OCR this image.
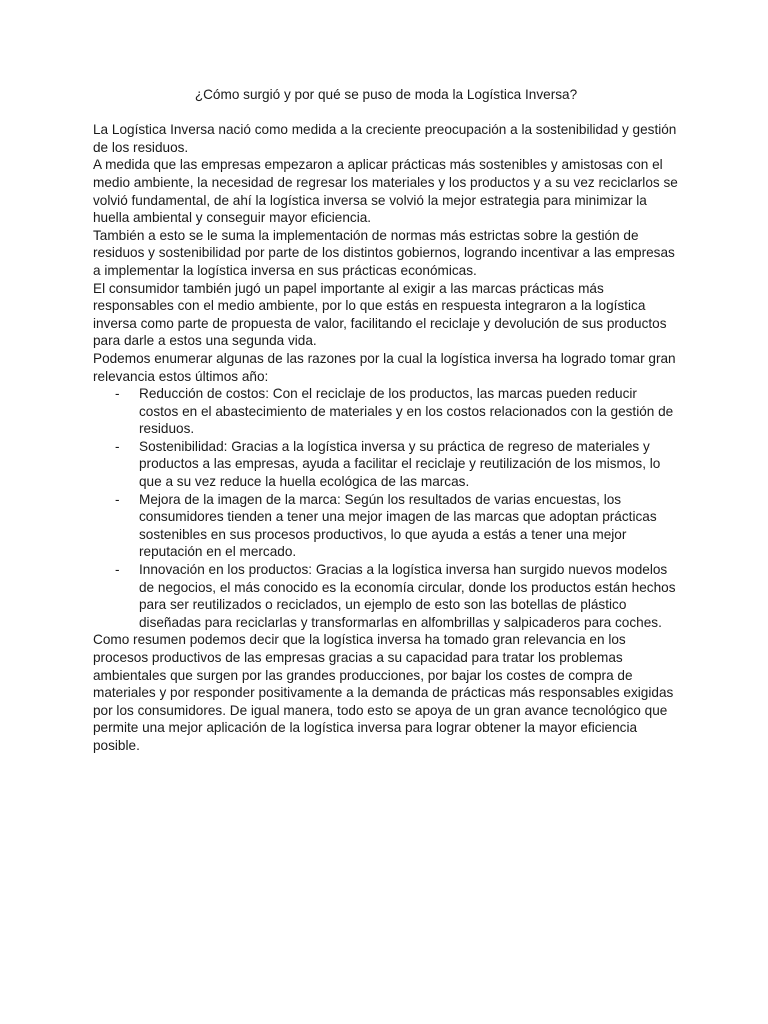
¿Cómo surgió y por qué se puso de moda la Logística Inversa?

La Logística Inversa nació como medida a la creciente preocupación a la sostenibilidad y gestión de los residuos.

A medida que las empresas empezaron a aplicar prácticas más sostenibles y amistosas con el medio ambiente, la necesidad de regresar los materiales y los productos y a su vez reciclarlos se volvió fundamental, de ahí la logística inversa se volvió la mejor estrategia para minimizar la huella ambiental y conseguir mayor eficiencia.

También a esto se le suma la implementación de normas más estrictas sobre la gestión de residuos y sostenibilidad por parte de los distintos gobiernos, logrando incentivar a las empresas a implementar la logística inversa en sus prácticas económicas.

El consumidor también jugó un papel importante al exigir a las marcas prácticas más responsables con el medio ambiente, por lo que estás en respuesta integraron a la logística inversa como parte de propuesta de valor, facilitando el reciclaje y devolución de sus productos para darle a estos una segunda vida.

Podemos enumerar algunas de las razones por la cual la logística inversa ha logrado tomar gran relevancia estos últimos año:

- Reducción de costos: Con el reciclaje de los productos, las marcas pueden reducir costos en el abastecimiento de materiales y en los costos relacionados con la gestión de residuos.
- Sostenibilidad: Gracias a la logística inversa y su práctica de regreso de materiales y productos a las empresas, ayuda a facilitar el reciclaje y reutilización de los mismos, lo que a su vez reduce la huella ecológica de las marcas.
- Mejora de la imagen de la marca: Según los resultados de varias encuestas, los consumidores tienden a tener una mejor imagen de las marcas que adoptan prácticas sostenibles en sus procesos productivos, lo que ayuda a estás a tener una mejor reputación en el mercado.
- Innovación en los productos: Gracias a la logística inversa han surgido nuevos modelos de negocios, el más conocido es la economía circular, donde los productos están hechos para ser reutilizados o reciclados, un ejemplo de esto son las botellas de plástico diseñadas para reciclarlas y transformarlas en alfombrillas y salpicaderos para coches.

Como resumen podemos decir que la logística inversa ha tomado gran relevancia en los procesos productivos de las empresas gracias a su capacidad para tratar los problemas ambientales que surgen por las grandes producciones, por bajar los costes de compra de materiales y por responder positivamente a la demanda de prácticas más responsables exigidas por los consumidores. De igual manera, todo esto se apoya de un gran avance tecnológico que permite una mejor aplicación de la logística inversa para lograr obtener la mayor eficiencia posible.
